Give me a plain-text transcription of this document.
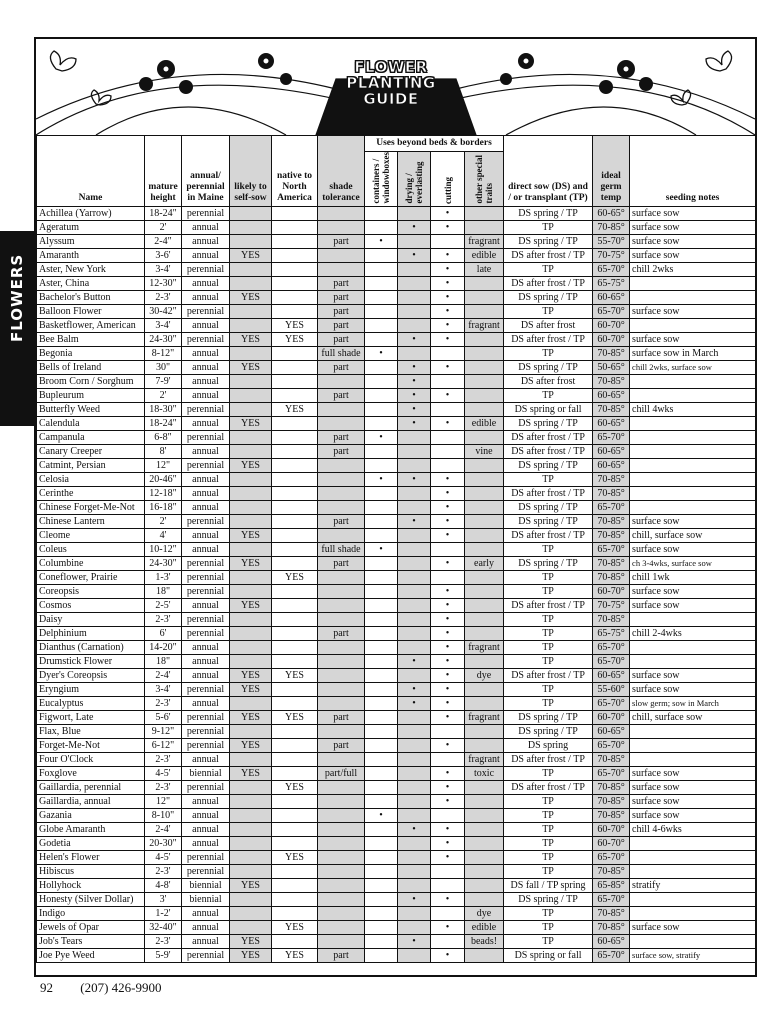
FLOWERS
FLOWER
PLANTING
GUIDE
Name	mature height	annual/ perennial in Maine	likely to self-sow	native to North America	shade tolerance	Uses beyond beds & borders				direct sow (DS) and / or transplant (TP)	ideal germ temp	seeding notes

						containers / windowboxes	drying / everlasting	cutting	other special traits			

Achillea (Yarrow)	18-24"	perennial						•		DS spring / TP	60-65°	surface sow
Ageratum	2'	annual					•	•		TP	70-85°	surface sow
Alyssum	2-4"	annual			part	•			fragrant	DS spring / TP	55-70°	surface sow
Amaranth	3-6'	annual	YES				•	•	edible	DS after frost / TP	70-75°	surface sow
Aster, New York	3-4'	perennial						•	late	TP	65-70°	chill 2wks
Aster, China	12-30"	annual			part			•		DS after frost / TP	65-75°	
Bachelor's Button	2-3'	annual	YES		part			•		DS spring / TP	60-65°	
Balloon Flower	30-42"	perennial			part			•		TP	65-70°	surface sow
Basketflower, American	3-4'	annual		YES	part			•	fragrant	DS after frost	60-70°	
Bee Balm	24-30"	perennial	YES	YES	part		•	•		DS after frost / TP	60-70°	surface sow
Begonia	8-12"	annual			full shade	•				TP	70-85°	surface sow in March
Bells of Ireland	30"	annual	YES		part		•	•		DS spring / TP	50-65°	chill 2wks, surface sow
Broom Corn / Sorghum	7-9'	annual					•			DS after frost	70-85°	
Bupleurum	2'	annual			part		•	•		TP	60-65°	
Butterfly Weed	18-30"	perennial		YES			•			DS spring or fall	70-85°	chill 4wks
Calendula	18-24"	annual	YES				•	•	edible	DS spring / TP	60-65°	
Campanula	6-8"	perennial			part	•				DS after frost / TP	65-70°	
Canary Creeper	8'	annual			part				vine	DS after frost / TP	60-65°	
Catmint, Persian	12"	perennial	YES							DS spring / TP	60-65°	
Celosia	20-46"	annual				•	•	•		TP	70-85°	
Cerinthe	12-18"	annual						•		DS after frost / TP	70-85°	
Chinese Forget-Me-Not	16-18"	annual						•		DS spring / TP	65-70°	
Chinese Lantern	2'	perennial			part		•	•		DS spring / TP	70-85°	surface sow
Cleome	4'	annual	YES					•		DS after frost / TP	70-85°	chill, surface sow
Coleus	10-12"	annual			full shade	•				TP	65-70°	surface sow
Columbine	24-30"	perennial	YES		part			•	early	DS spring / TP	70-85°	ch 3-4wks, surface sow
Coneflower, Prairie	1-3'	perennial		YES						TP	70-85°	chill 1wk
Coreopsis	18"	perennial						•		TP	60-70°	surface sow
Cosmos	2-5'	annual	YES					•		DS after frost / TP	70-75°	surface sow
Daisy	2-3'	perennial						•		TP	70-85°	
Delphinium	6'	perennial			part			•		TP	65-75°	chill 2-4wks
Dianthus (Carnation)	14-20"	annual						•	fragrant	TP	65-70°	
Drumstick Flower	18"	annual					•	•		TP	65-70°	
Dyer's Coreopsis	2-4'	annual	YES	YES				•	dye	DS after frost / TP	60-65°	surface sow
Eryngium	3-4'	perennial	YES				•	•		TP	55-60°	surface sow
Eucalyptus	2-3'	annual					•	•		TP	65-70°	slow germ; sow in March
Figwort, Late	5-6'	perennial	YES	YES	part			•	fragrant	DS spring / TP	60-70°	chill, surface sow
Flax, Blue	9-12"	perennial								DS spring / TP	60-65°	
Forget-Me-Not	6-12"	perennial	YES		part			•		DS spring	65-70°	
Four O'Clock	2-3'	annual							fragrant	DS after frost / TP	70-85°	
Foxglove	4-5'	biennial	YES		part/full			•	toxic	TP	65-70°	surface sow
Gaillardia, perennial	2-3'	perennial		YES				•		DS after frost / TP	70-85°	surface sow
Gaillardia, annual	12"	annual						•		TP	70-85°	surface sow
Gazania	8-10"	annual				•				TP	70-85°	surface sow
Globe Amaranth	2-4'	annual					•	•		TP	60-70°	chill 4-6wks
Godetia	20-30"	annual						•		TP	60-70°	
Helen's Flower	4-5'	perennial		YES				•		TP	65-70°	
Hibiscus	2-3'	perennial								TP	70-85°	
Hollyhock	4-8'	biennial	YES							DS fall / TP spring	65-85°	stratify
Honesty (Silver Dollar)	3'	biennial					•	•		DS spring / TP	65-70°	
Indigo	1-2'	annual							dye	TP	70-85°	
Jewels of Opar	32-40"	annual		YES				•	edible	TP	70-85°	surface sow
Job's Tears	2-3'	annual	YES				•		beads!	TP	60-65°	
Joe Pye Weed	5-9'	perennial	YES	YES	part			•		DS spring or fall	65-70°	surface sow, stratify
92 (207) 426-9900
